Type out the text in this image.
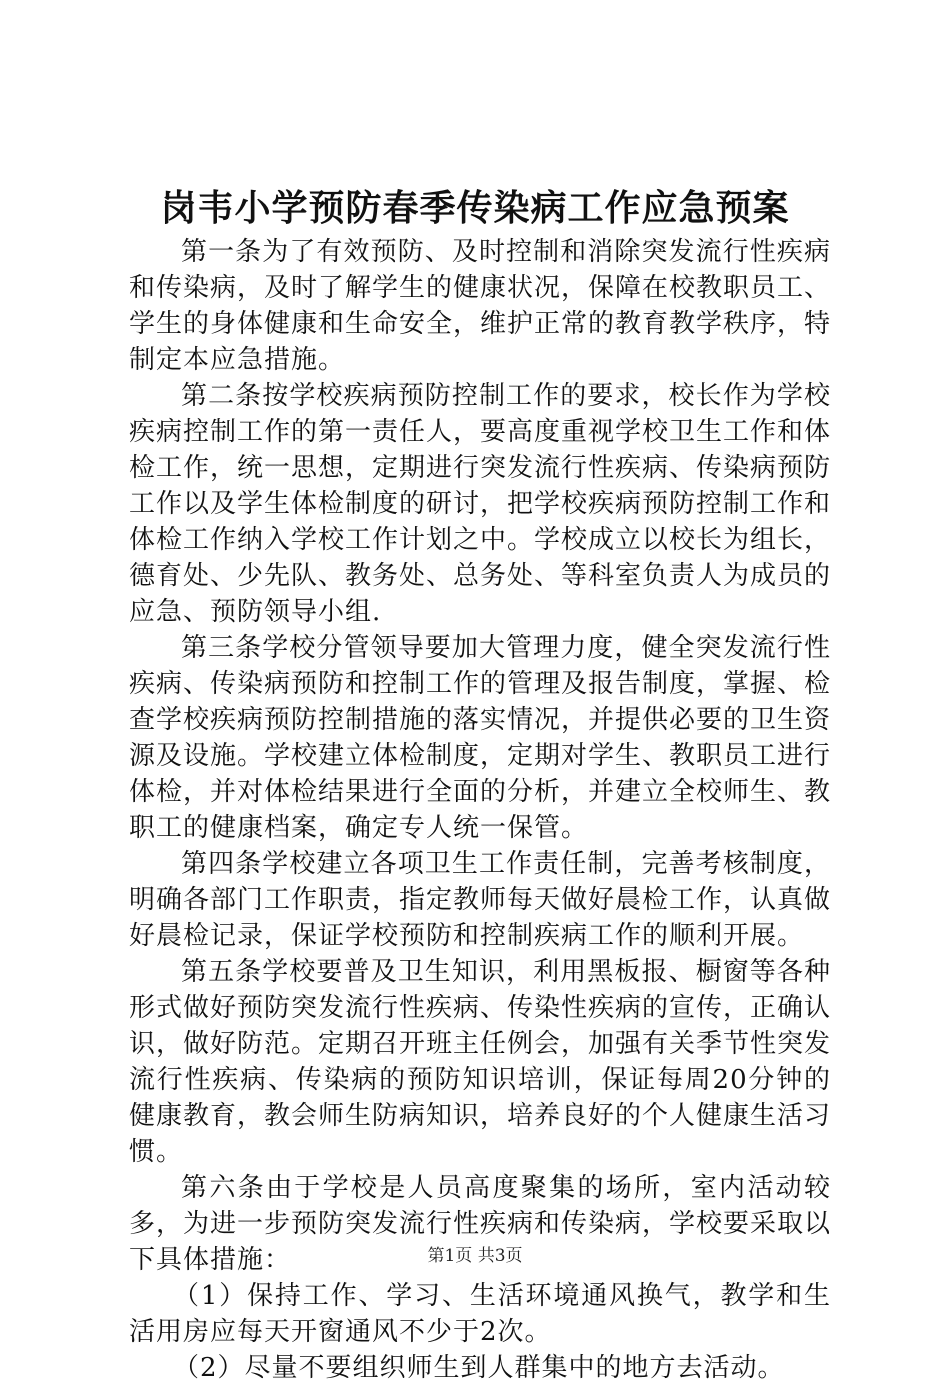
岗韦小学预防春季传染病工作应急预案

第一条为了有效预防、及时控制和消除突发流行性疾病和传染病，及时了解学生的健康状况，保障在校教职员工、学生的身体健康和生命安全，维护正常的教育教学秩序，特制定本应急措施。

第二条按学校疾病预防控制工作的要求，校长作为学校疾病控制工作的第一责任人，要高度重视学校卫生工作和体检工作，统一思想，定期进行突发流行性疾病、传染病预防工作以及学生体检制度的研讨，把学校疾病预防控制工作和体检工作纳入学校工作计划之中。学校成立以校长为组长，德育处、少先队、教务处、总务处、等科室负责人为成员的应急、预防领导小组.

第三条学校分管领导要加大管理力度，健全突发流行性疾病、传染病预防和控制工作的管理及报告制度，掌握、检查学校疾病预防控制措施的落实情况，并提供必要的卫生资源及设施。学校建立体检制度，定期对学生、教职员工进行体检，并对体检结果进行全面的分析，并建立全校师生、教职工的健康档案，确定专人统一保管。

第四条学校建立各项卫生工作责任制，完善考核制度，明确各部门工作职责，指定教师每天做好晨检工作，认真做好晨检记录，保证学校预防和控制疾病工作的顺利开展。

第五条学校要普及卫生知识，利用黑板报、橱窗等各种形式做好预防突发流行性疾病、传染性疾病的宣传，正确认识，做好防范。定期召开班主任例会，加强有关季节性突发流行性疾病、传染病的预防知识培训，保证每周20分钟的健康教育，教会师生防病知识，培养良好的个人健康生活习惯。

第六条由于学校是人员高度聚集的场所，室内活动较多，为进一步预防突发流行性疾病和传染病，学校要采取以下具体措施：

（1）保持工作、学习、生活环境通风换气，教学和生活用房应每天开窗通风不少于2次。

（2）尽量不要组织师生到人群集中的地方去活动。

第1页 共3页
